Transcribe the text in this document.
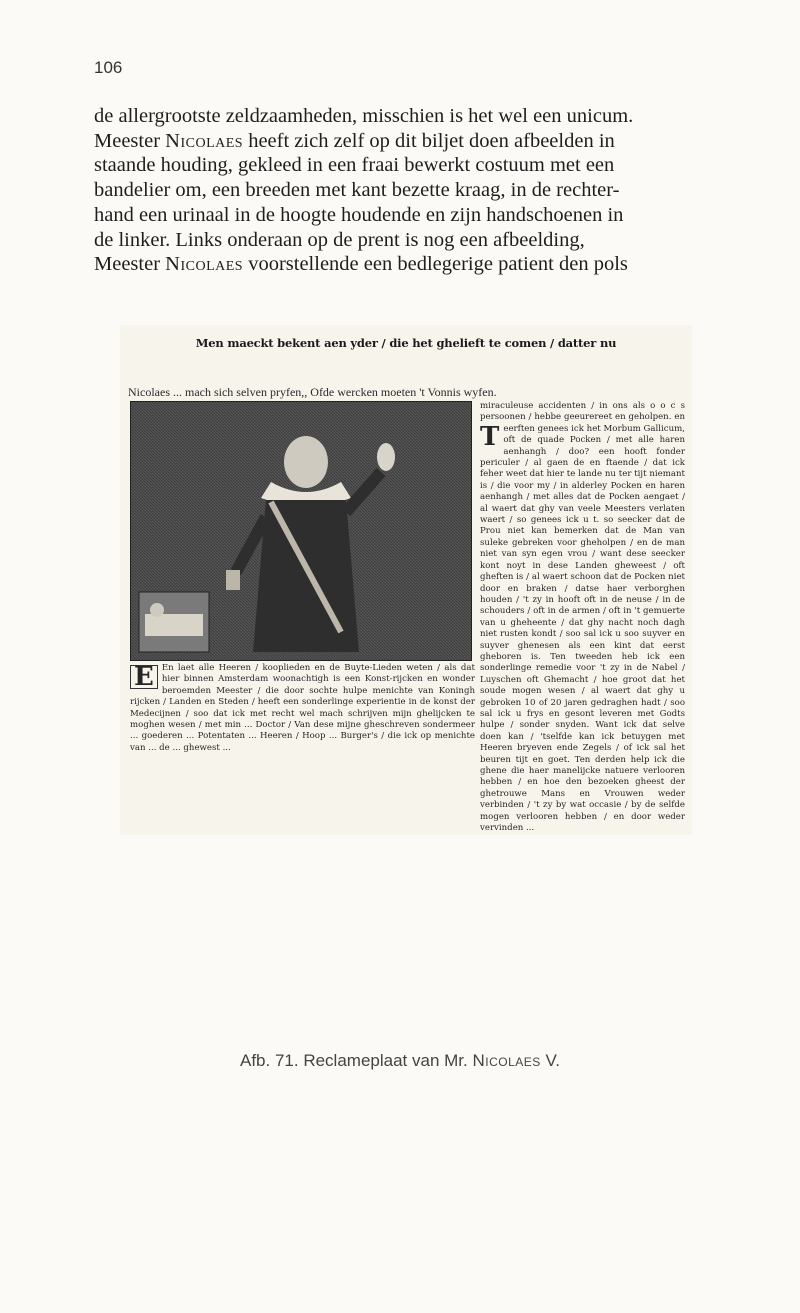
106
de allergrootste zeldzaamheden, misschien is het wel een unicum.
Meester Nicolaes heeft zich zelf op dit biljet doen afbeelden in
staande houding, gekleed in een fraai bewerkt costuum met een
bandelier om, een breeden met kant bezette kraag, in de rechter-
hand een urinaal in de hoogte houdende en zijn handschoenen in
de linker. Links onderaan op de prent is nog een afbeelding,
Meester Nicolaes voorstellende een bedlegerige patient den pols
Men maeckt bekent aen yder / die het ghelieft te comen / datter nu
Nicolaes ... mach sich selven pryfen,, Ofde wercken moeten 't Vonnis wyfen.
miraculeuse accidenten / in ons als o o c s persoonen / hebbe geeurereet en geholpen.
T
en eerften genees ick het Morbum Gallicum, oft de quade Pocken / met alle haren aenhangh / doo? een hooft fonder periculer / al gaen de en ftaende / dat ick feher weet dat hier te lande nu ter tijt niemant is / die voor my / in alderley Pocken en haren aenhangh / met alles dat de Pocken aengaet / al waert dat ghy van veele Meesters verlaten waert / so genees ick u t. so seecker dat de Prou niet kan bemerken dat de Man van suleke gebreken voor gheholpen / en de man niet van syn egen vrou / want dese seecker kont noyt in dese Landen gheweest / oft gheften is / al waert schoon dat de Pocken niet door en braken / datse haer verborghen houden / 't zy in hooft oft in de neuse / in de schouders / oft in de armen / oft in 't gemuerte van u gheheente / dat ghy nacht noch dagh niet rusten kondt / soo sal ick u soo suyver en suyver ghenesen als een kint dat eerst gheboren is. Ten tweeden heb ick een sonderlinge remedie voor 't zy in de Nabel / Luyschen oft Ghemacht / hoe groot dat het soude mogen wesen / al waert dat ghy u gebroken 10 of 20 jaren gedraghen hadt / soo sal ick u frys en gesont leveren met Godts hulpe / sonder snyden. Want ick dat selve doen kan / 'tselfde kan ick betuygen met Heeren bryeven ende Zegels / of ick sal het beuren tijt en goet. Ten derden help ick die ghene die haer manelijcke natuere verlooren hebben / en hoe den bezoeken gheest der ghetrouwe Mans en Vrouwen weder verbinden / 't zy by wat occasie / by de selfde mogen verlooren hebben / en door weder vervinden ...
E En laet alle Heeren / kooplieden en de Buyte-Lieden weten / als dat hier binnen Amsterdam woonachtigh is een Konst-rijcken en wonder beroemden Meester / die door sochte hulpe menichte van Koningh rijcken / Landen en Steden / heeft een sonderlinge experientie in de konst der Medecijnen / soo dat ick met recht wel mach schrijven mijn ghelijcken te moghen wesen / met min ... Doctor / Van dese mijne gheschreven sondermeer ... goederen ... Potentaten ... Heeren / Hoop ... Burger's / die ick op menichte van ... de ... ghewest ...
Afb. 71. Reclameplaat van Mr. Nicolaes V.
